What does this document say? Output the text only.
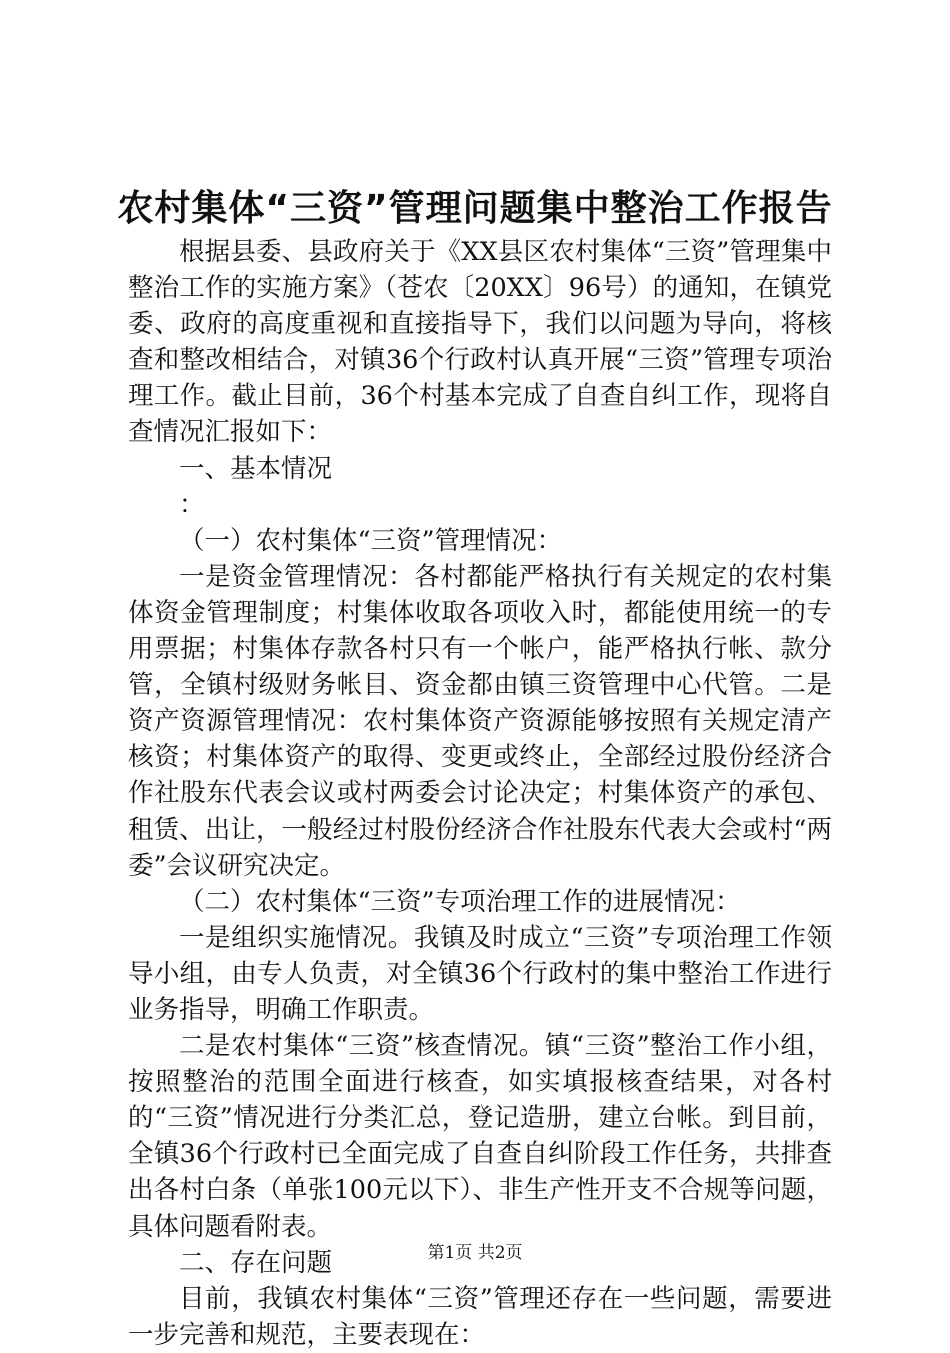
农村集体“三资”管理问题集中整治工作报告

根据县委、县政府关于《XX县区农村集体“三资”管理集中整治工作的实施方案》（苍农〔20XX〕96号）的通知，在镇党委、政府的高度重视和直接指导下，我们以问题为导向，将核查和整改相结合，对镇36个行政村认真开展“三资”管理专项治理工作。截止目前，36个村基本完成了自查自纠工作，现将自查情况汇报如下：

一、基本情况

：

（一）农村集体“三资”管理情况：

一是资金管理情况：各村都能严格执行有关规定的农村集体资金管理制度；村集体收取各项收入时，都能使用统一的专用票据；村集体存款各村只有一个帐户，能严格执行帐、款分管，全镇村级财务帐目、资金都由镇三资管理中心代管。二是资产资源管理情况：农村集体资产资源能够按照有关规定清产核资；村集体资产的取得、变更或终止，全部经过股份经济合作社股东代表会议或村两委会讨论决定；村集体资产的承包、租赁、出让，一般经过村股份经济合作社股东代表大会或村“两委”会议研究决定。

（二）农村集体“三资”专项治理工作的进展情况：

一是组织实施情况。我镇及时成立“三资”专项治理工作领导小组，由专人负责，对全镇36个行政村的集中整治工作进行业务指导，明确工作职责。

二是农村集体“三资”核查情况。镇“三资”整治工作小组，按照整治的范围全面进行核查，如实填报核查结果，对各村的“三资”情况进行分类汇总，登记造册，建立台帐。到目前，全镇36个行政村已全面完成了自查自纠阶段工作任务，共排查出各村白条（单张100元以下）、非生产性开支不合规等问题，具体问题看附表。

二、存在问题

目前，我镇农村集体“三资”管理还存在一些问题，需要进一步完善和规范，主要表现在：

第1页 共2页
